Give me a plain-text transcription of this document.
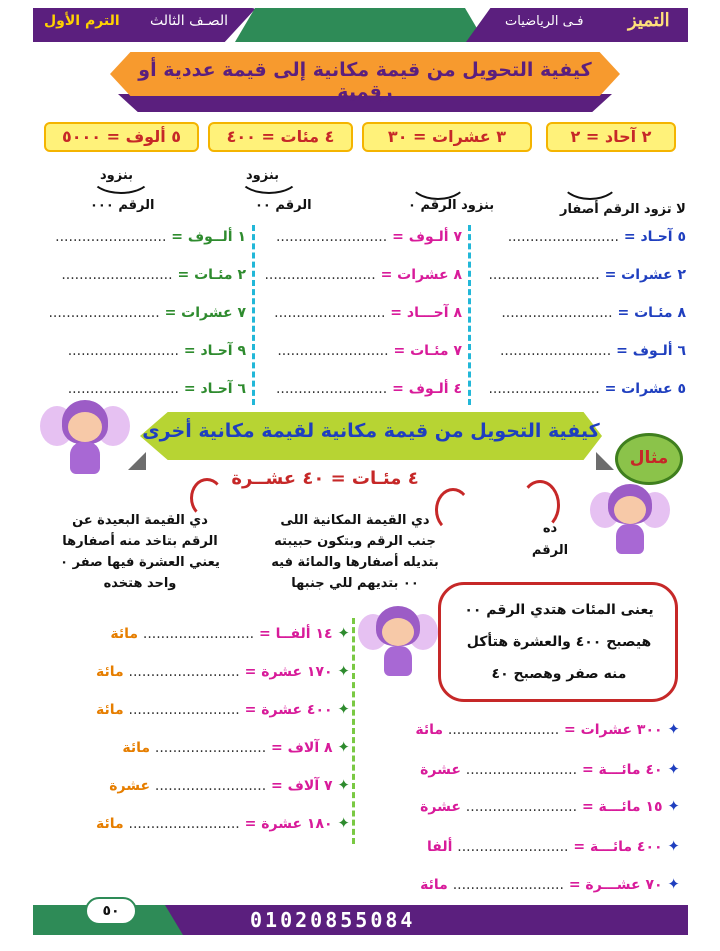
الترم الأول الصـف الثالث	فـى الرياضيات التميز
كيفية التحويل من قيمة مكانية إلى قيمة عددية أو رقمية
٢ آحاد = ٢
٣ عشرات = ٣٠
٤ مئات = ٤٠٠
٥ ألوف = ٥٠٠٠
لا تزود الرقم أصفار
بنزود الرقم ٠
بنزود
الرقم ٠٠
بنزود
الرقم ٠٠٠
٥ آحـاد = .........................
٢ عشرات = .........................
٨ مئـات = .........................
٦ ألـوف = .........................
٥ عشرات = .........................
٧ ألـوف = .........................
٨ عشرات = .........................
٨ آحـــاد = .........................
٧ مئـات = .........................
٤ ألـوف = .........................
١ ألــوف = .........................
٢ مئـات = .........................
٧ عشرات = .........................
٩ آحـاد = .........................
٦ آحـاد = .........................
كيفية التحويل من قيمة مكانية لقيمة مكانية أخرى
مثال
٤ مئـات = ٤٠ عشــرة
ده
الرقم
دي القيمة المكانية اللى
جنب الرقم وبتكون حبيبته
بتديله أصفارها والمائة فيه
٠٠ بتديهم للي جنبها
دي القيمة البعيدة عن
الرقم بتاخد منه أصفارها
يعني العشرة فيها صفر ٠
واحد هتخده
يعنى المئات هتدي الرقم ٠٠
هيصبح ٤٠٠ والعشرة هتأكل
منه صفر وهصبح ٤٠
✦ ١٤ ألفــا = ......................... مائة
✦ ١٧٠ عشرة = ......................... مائة
✦ ٤٠٠ عشرة = ......................... مائة
✦ ٨ آلاف = ......................... مائة
✦ ٧ آلاف = ......................... عشرة
✦ ١٨٠ عشرة = ......................... مائة
✦ ٣٠٠ عشرات = ......................... مائة
✦ ٤٠ مائـــة = ......................... عشرة
✦ ١٥ مائـــة = ......................... عشرة
✦ ٤٠٠ مائـــة = ......................... ألفا
✦ ٧٠ عشـــرة = ......................... مائة
٥٠	01020855084
